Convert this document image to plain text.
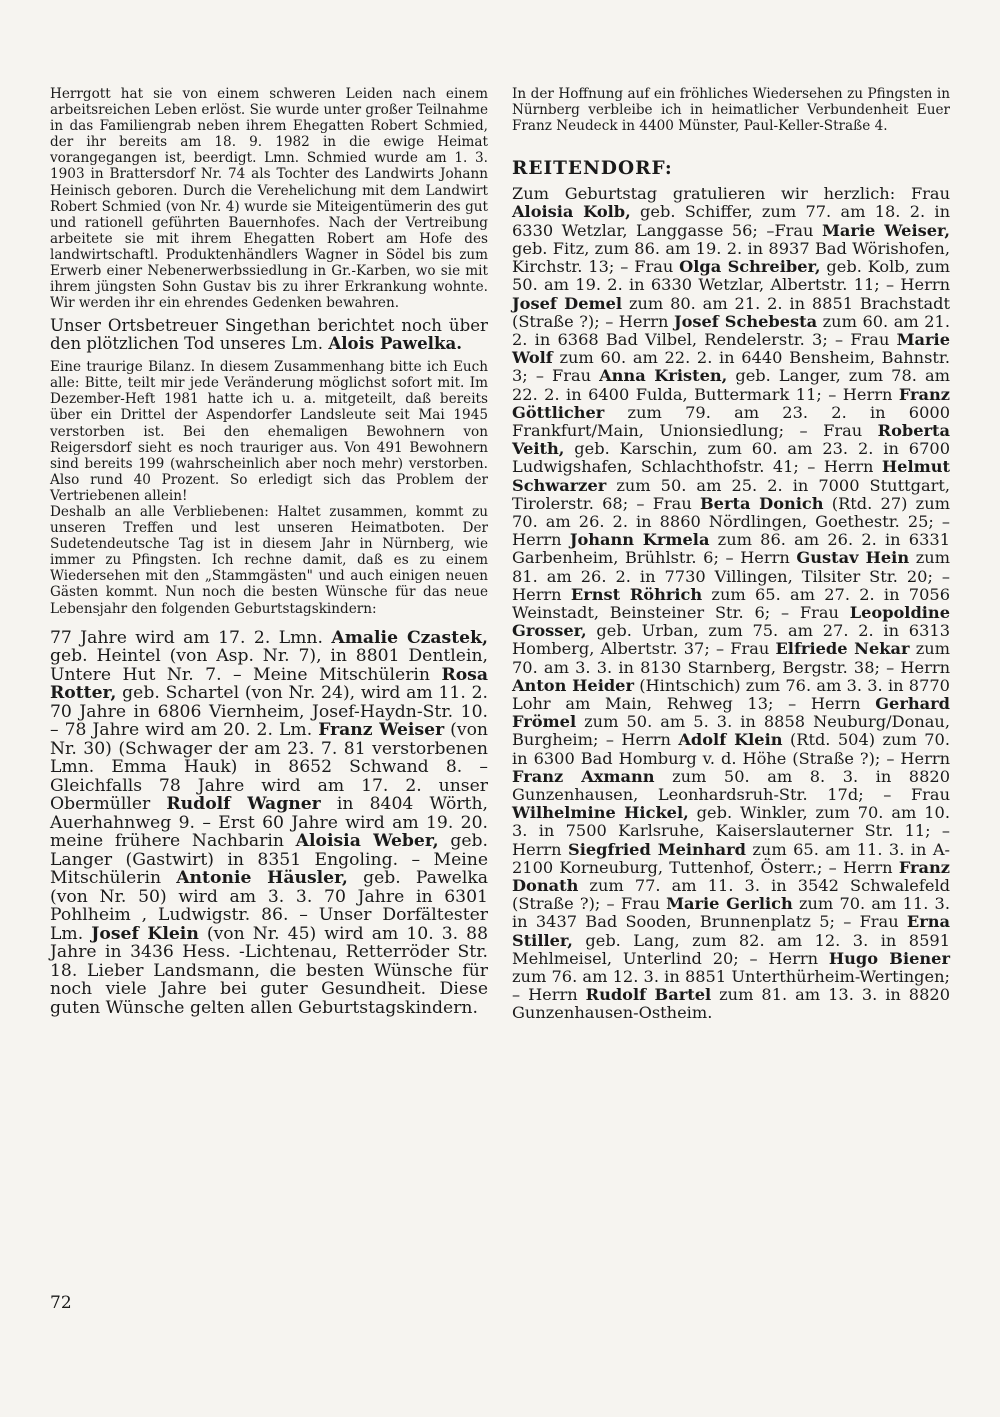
Herrgott hat sie von einem schweren Leiden nach einem arbeitsreichen Leben erlöst. Sie wurde unter großer Teilnahme in das Familiengrab neben ihrem Ehegatten Robert Schmied, der ihr bereits am 18. 9. 1982 in die ewige Heimat vorangegangen ist, beerdigt. Lmn. Schmied wurde am 1. 3. 1903 in Brattersdorf Nr. 74 als Tochter des Landwirts Johann Heinisch geboren. Durch die Verehelichung mit dem Landwirt Robert Schmied (von Nr. 4) wurde sie Miteigentümerin des gut und rationell geführten Bauernhofes. Nach der Vertreibung arbeitete sie mit ihrem Ehegatten Robert am Hofe des landwirtschaftl. Produktenhändlers Wagner in Södel bis zum Erwerb einer Nebenerwerbssiedlung in Gr.-Karben, wo sie mit ihrem jüngsten Sohn Gustav bis zu ihrer Erkrankung wohnte. Wir werden ihr ein ehrendes Gedenken bewahren.

Unser Ortsbetreuer Singethan berichtet noch über den plötzlichen Tod unseres Lm. Alois Pawelka.

Eine traurige Bilanz. In diesem Zusammenhang bitte ich Euch alle: Bitte, teilt mir jede Veränderung möglichst sofort mit. Im Dezember-Heft 1981 hatte ich u. a. mitgeteilt, daß bereits über ein Drittel der Aspendorfer Landsleute seit Mai 1945 verstorben ist. Bei den ehemaligen Bewohnern von Reigersdorf sieht es noch trauriger aus. Von 491 Bewohnern sind bereits 199 (wahrscheinlich aber noch mehr) verstorben. Also rund 40 Prozent. So erledigt sich das Problem der Vertriebenen allein!

Deshalb an alle Verbliebenen: Haltet zusammen, kommt zu unseren Treffen und lest unseren Heimatboten. Der Sudetendeutsche Tag ist in diesem Jahr in Nürnberg, wie immer zu Pfingsten. Ich rechne damit, daß es zu einem Wiedersehen mit den „Stammgästen" und auch einigen neuen Gästen kommt. Nun noch die besten Wünsche für das neue Lebensjahr den folgenden Geburtstagskindern:

77 Jahre wird am 17. 2. Lmn. Amalie Czastek, geb. Heintel (von Asp. Nr. 7), in 8801 Dentlein, Untere Hut Nr. 7. – Meine Mitschülerin Rosa Rotter, geb. Schartel (von Nr. 24), wird am 11. 2. 70 Jahre in 6806 Viernheim, Josef-Haydn-Str. 10. – 78 Jahre wird am 20. 2. Lm. Franz Weiser (von Nr. 30) (Schwager der am 23. 7. 81 verstorbenen Lmn. Emma Hauk) in 8652 Schwand 8. – Gleichfalls 78 Jahre wird am 17. 2. unser Obermüller Rudolf Wagner in 8404 Wörth, Auerhahnweg 9. – Erst 60 Jahre wird am 19. 20. meine frühere Nachbarin Aloisia Weber, geb. Langer (Gastwirt) in 8351 Engoling. – Meine Mitschülerin Antonie Häusler, geb. Pawelka (von Nr. 50) wird am 3. 3. 70 Jahre in 6301 Pohlheim , Ludwigstr. 86. – Unser Dorfältester Lm. Josef Klein (von Nr. 45) wird am 10. 3. 88 Jahre in 3436 Hess. -Lichtenau, Retterröder Str. 18. Lieber Landsmann, die besten Wünsche für noch viele Jahre bei guter Gesundheit. Diese guten Wünsche gelten allen Geburtstagskindern.

In der Hoffnung auf ein fröhliches Wiedersehen zu Pfingsten in Nürnberg verbleibe ich in heimatlicher Verbundenheit Euer Franz Neudeck in 4400 Münster, Paul-Keller-Straße 4.

REITENDORF:

Zum Geburtstag gratulieren wir herzlich: Frau Aloisia Kolb, geb. Schiffer, zum 77. am 18. 2. in 6330 Wetzlar, Langgasse 56; –Frau Marie Weiser, geb. Fitz, zum 86. am 19. 2. in 8937 Bad Wörishofen, Kirchstr. 13; – Frau Olga Schreiber, geb. Kolb, zum 50. am 19. 2. in 6330 Wetzlar, Albertstr. 11; – Herrn Josef Demel zum 80. am 21. 2. in 8851 Brachstadt (Straße ?); – Herrn Josef Schebesta zum 60. am 21. 2. in 6368 Bad Vilbel, Rendelerstr. 3; – Frau Marie Wolf zum 60. am 22. 2. in 6440 Bensheim, Bahnstr. 3; – Frau Anna Kristen, geb. Langer, zum 78. am 22. 2. in 6400 Fulda, Buttermark 11; – Herrn Franz Göttlicher zum 79. am 23. 2. in 6000 Frankfurt/Main, Unionsiedlung; – Frau Roberta Veith, geb. Karschin, zum 60. am 23. 2. in 6700 Ludwigshafen, Schlachthofstr. 41; – Herrn Helmut Schwarzer zum 50. am 25. 2. in 7000 Stuttgart, Tirolerstr. 68; – Frau Berta Donich (Rtd. 27) zum 70. am 26. 2. in 8860 Nördlingen, Goethestr. 25; – Herrn Johann Krmela zum 86. am 26. 2. in 6331 Garbenheim, Brühlstr. 6; – Herrn Gustav Hein zum 81. am 26. 2. in 7730 Villingen, Tilsiter Str. 20; – Herrn Ernst Röhrich zum 65. am 27. 2. in 7056 Weinstadt, Beinsteiner Str. 6; – Frau Leopoldine Grosser, geb. Urban, zum 75. am 27. 2. in 6313 Homberg, Albertstr. 37; – Frau Elfriede Nekar zum 70. am 3. 3. in 8130 Starnberg, Bergstr. 38; – Herrn Anton Heider (Hintschich) zum 76. am 3. 3. in 8770 Lohr am Main, Rehweg 13; – Herrn Gerhard Frömel zum 50. am 5. 3. in 8858 Neuburg/Donau, Burgheim; – Herrn Adolf Klein (Rtd. 504) zum 70. in 6300 Bad Homburg v. d. Höhe (Straße ?); – Herrn Franz Axmann zum 50. am 8. 3. in 8820 Gunzenhausen, Leonhardsruh-Str. 17d; – Frau Wilhelmine Hickel, geb. Winkler, zum 70. am 10. 3. in 7500 Karlsruhe, Kaiserslauterner Str. 11; – Herrn Siegfried Meinhard zum 65. am 11. 3. in A-2100 Korneuburg, Tuttenhof, Österr.; – Herrn Franz Donath zum 77. am 11. 3. in 3542 Schwalefeld (Straße ?); – Frau Marie Gerlich zum 70. am 11. 3. in 3437 Bad Sooden, Brunnenplatz 5; – Frau Erna Stiller, geb. Lang, zum 82. am 12. 3. in 8591 Mehlmeisel, Unterlind 20; – Herrn Hugo Biener zum 76. am 12. 3. in 8851 Unterthürheim-Wertingen; – Herrn Rudolf Bartel zum 81. am 13. 3. in 8820 Gunzenhausen-Ostheim.

72
